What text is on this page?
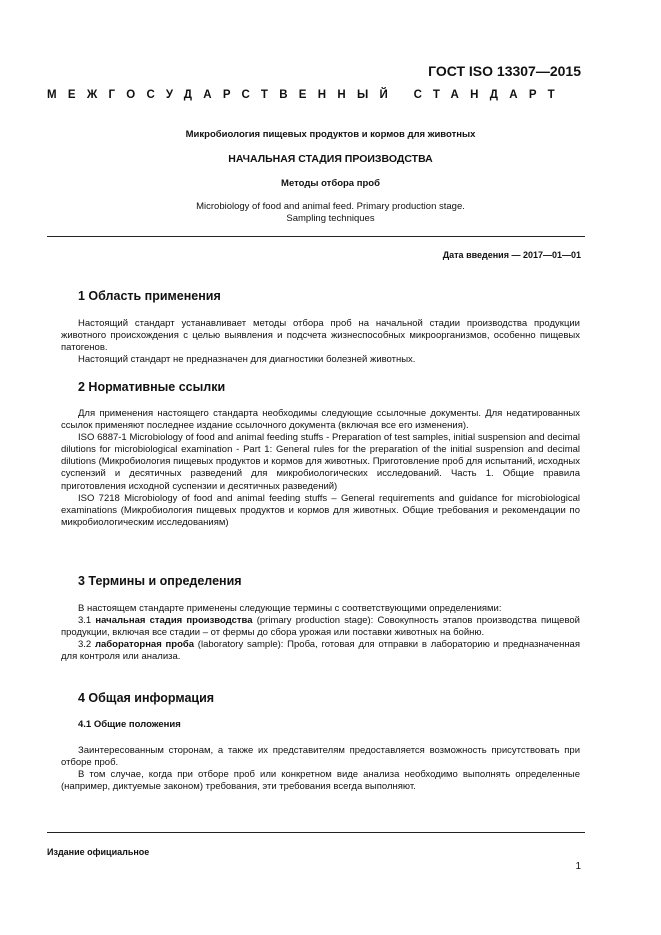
ГОСТ ISO 13307—2015
МЕЖГОСУДАРСТВЕННЫЙ СТАНДАРТ
Микробиология пищевых продуктов и кормов для животных
НАЧАЛЬНАЯ СТАДИЯ ПРОИЗВОДСТВА
Методы отбора проб
Microbiology of food and animal feed. Primary production stage.
Sampling techniques
Дата введения — 2017—01—01
1 Область применения

Настоящий стандарт устанавливает методы отбора проб на начальной стадии производства продукции животного происхождения с целью выявления и подсчета жизнеспособных микроорганизмов, особенно пищевых патогенов.

Настоящий стандарт не предназначен для диагностики болезней животных.

2 Нормативные ссылки

Для применения настоящего стандарта необходимы следующие ссылочные документы. Для недатированных ссылок применяют последнее издание ссылочного документа (включая все его изменения).

ISO 6887-1 Microbiology of food and animal feeding stuffs - Preparation of test samples, initial suspension and decimal dilutions for microbiological examination - Part 1: General rules for the preparation of the initial suspension and decimal dilutions (Микробиология пищевых продуктов и кормов для животных. Приготовление проб для испытаний, исходных суспензий и десятичных разведений для микробиологических исследований. Часть 1. Общие правила приготовления исходной суспензии и десятичных разведений)

ISO 7218 Microbiology of food and animal feeding stuffs – General requirements and guidance for microbiological examinations (Микробиология пищевых продуктов и кормов для животных. Общие требования и рекомендации по микробиологическим исследованиям)

3 Термины и определения

В настоящем стандарте применены следующие термины с соответствующими определениями:

3.1 начальная стадия производства (primary production stage): Совокупность этапов производства пищевой продукции, включая все стадии – от фермы до сбора урожая или поставки животных на бойню.

3.2 лабораторная проба (laboratory sample): Проба, готовая для отправки в лабораторию и предназначенная для контроля или анализа.

4 Общая информация
4.1 Общие положения

Заинтересованным сторонам, а также их представителям предоставляется возможность присутствовать при отборе проб.

В том случае, когда при отборе проб или конкретном виде анализа необходимо выполнять определенные (например, диктуемые законом) требования, эти требования всегда выполняют.

Издание официальное
1
